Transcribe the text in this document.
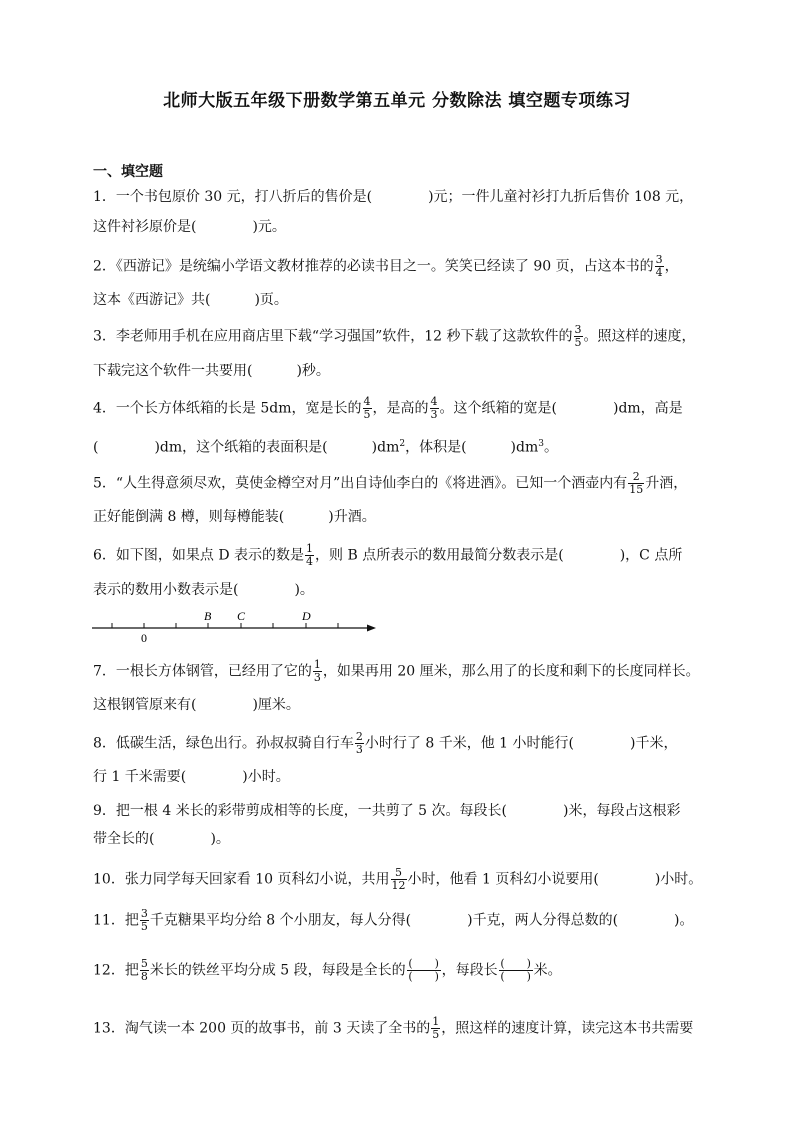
北师大版五年级下册数学第五单元 分数除法 填空题专项练习
一、填空题
1．一个书包原价 30 元，打八折后的售价是(	)元；一件儿童衬衫打九折后售价 108 元，
这件衬衫原价是(	)元。
2．《西游记》是统编小学语文教材推荐的必读书目之一。笑笑已经读了 90 页，占这本书的 $\frac{3}{4}$ ，
这本《西游记》共(	)页。
3．李老师用手机在应用商店里下载“学习强国”软件，12 秒下载了这款软件的 $\frac{3}{5}$ 。照这样的速度，
下载完这个软件一共要用(	)秒。
4．一个长方体纸箱的长是 5dm，宽是长的 $\frac{4}{5}$ ，是高的 $\frac{4}{3}$ 。这个纸箱的宽是(	)dm，高是
(	)dm，这个纸箱的表面积是(	)$dm^2$，体积是(	)$dm^3$。
5．“人生得意须尽欢，莫使金樽空对月”出自诗仙李白的《将进酒》。已知一个酒壶内有 $\frac{2}{15}$ 升酒，
正好能倒满 8 樽，则每樽能装(	)升酒。
6．如下图，如果点 D 表示的数是 $\frac{1}{4}$ ，则 B 点所表示的数用最简分数表示是(	)，C 点所
表示的数用小数表示是(	)。
0
B C	D
7．一根长方体钢管，已经用了它的 $\frac{1}{3}$ ，如果再用 20 厘米，那么用了的长度和剩下的长度同样长。
这根钢管原来有(	)厘米。
8．低碳生活，绿色出行。孙叔叔骑自行车 $\frac{2}{3}$ 小时行了 8 千米，他 1 小时能行(	)千米，
行 1 千米需要(	)小时。
9．把一根 4 米长的彩带剪成相等的长度，一共剪了 5 次。每段长(	)米，每段占这根彩
带全长的(	)。
10．张力同学每天回家看 10 页科幻小说，共用 $\frac{5}{12}$ 小时，他看 1 页科幻小说要用(	)小时。
11．把 $\frac{3}{5}$ 千克糖果平均分给 8 个小朋友，每人分得(	)千克，两人分得总数的(	)。
12．把 $\frac{5}{8}$ 米长的铁丝平均分成 5 段，每段是全长的 $\frac{( )}{( )}$ ，每段长 $\frac{( )}{( )}$ 米。
13．淘气读一本 200 页的故事书，前 3 天读了全书的 $\frac{1}{5}$ ，照这样的速度计算，读完这本书共需要
